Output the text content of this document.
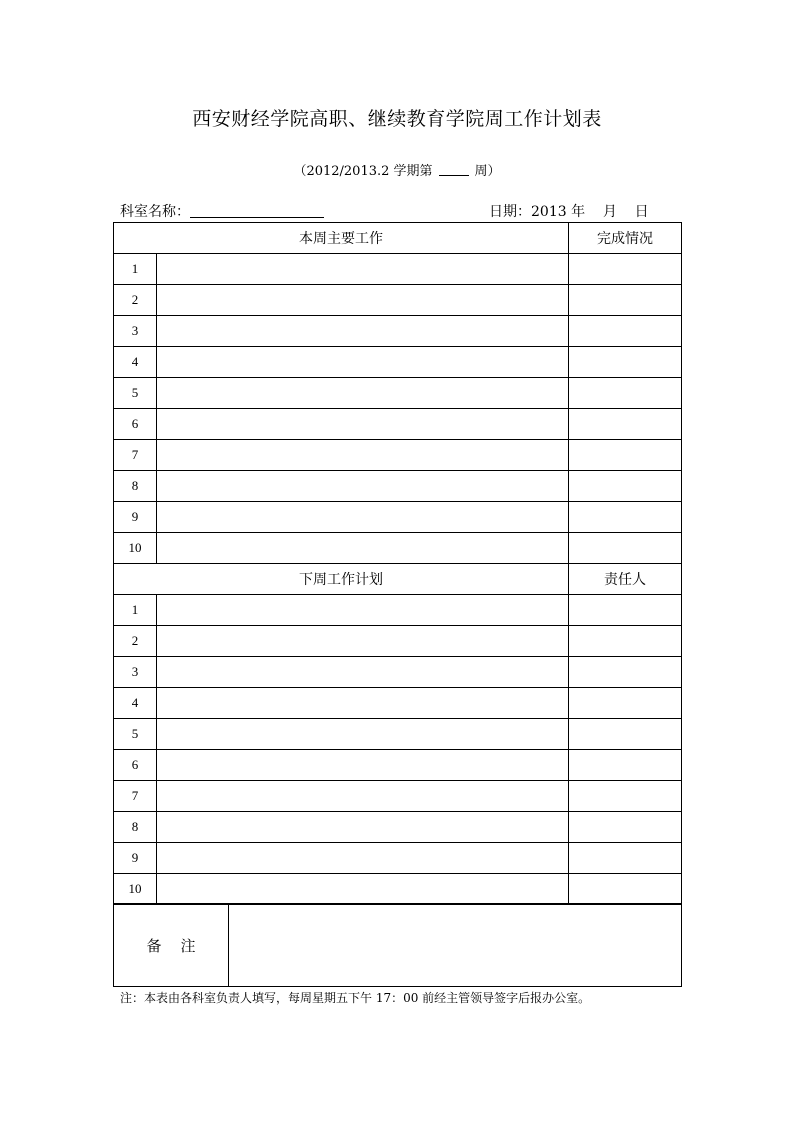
西安财经学院高职、继续教育学院周工作计划表
（2012/2013.2 学期第	周）
科室名称：	日期：2013 年    月    日
本周主要工作		完成情况
1		
2		
3		
4		
5		
6		
7		
8		
9		
10		
下周工作计划		责任人
1		
2		
3		
4		
5		
6		
7		
8		
9		
10		
备    注	
注：本表由各科室负责人填写，每周星期五下午 17：00 前经主管领导签字后报办公室。
